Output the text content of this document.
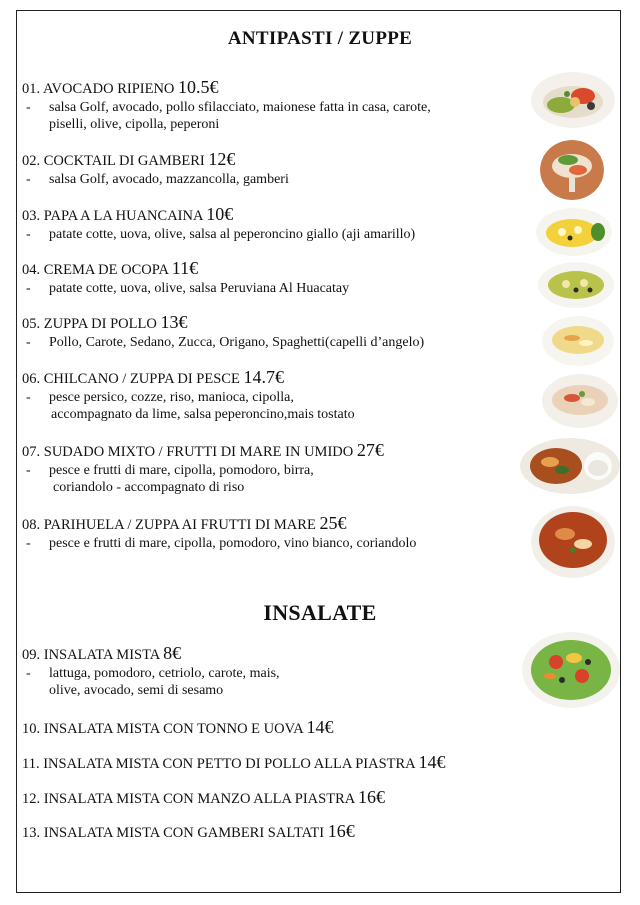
ANTIPASTI / ZUPPE
INSALATE
01. AVOCADO RIPIENO 10.5€
- salsa Golf, avocado, pollo sfilacciato, maionese fatta in casa, carote,
piselli, olive, cipolla, peperoni
02. COCKTAIL DI GAMBERI 12€
- salsa Golf, avocado, mazzancolla, gamberi
03. PAPA A LA HUANCAINA 10€
- patate cotte, uova, olive, salsa al peperoncino giallo (aji amarillo)
04. CREMA DE OCOPA 11€
- patate cotte, uova, olive, salsa Peruviana Al Huacatay
05. ZUPPA DI POLLO 13€
- Pollo, Carote, Sedano, Zucca, Origano, Spaghetti(capelli d’angelo)
06. CHILCANO / ZUPPA DI PESCE 14.7€
- pesce persico, cozze, riso, manioca, cipolla,
accompagnato da lime, salsa peperoncino,mais tostato
07. SUDADO MIXTO / FRUTTI DI MARE IN UMIDO 27€
- pesce e frutti di mare, cipolla, pomodoro, birra,
coriandolo - accompagnato di riso
08. PARIHUELA / ZUPPA AI FRUTTI DI MARE 25€
- pesce e frutti di mare, cipolla, pomodoro, vino bianco, coriandolo
09. INSALATA MISTA 8€
- lattuga, pomodoro, cetriolo, carote, mais,
olive, avocado, semi di sesamo
10. INSALATA MISTA CON TONNO E UOVA 14€
11. INSALATA MISTA CON PETTO DI POLLO ALLA PIASTRA 14€
12. INSALATA MISTA CON MANZO ALLA PIASTRA 16€
13. INSALATA MISTA CON GAMBERI SALTATI 16€
